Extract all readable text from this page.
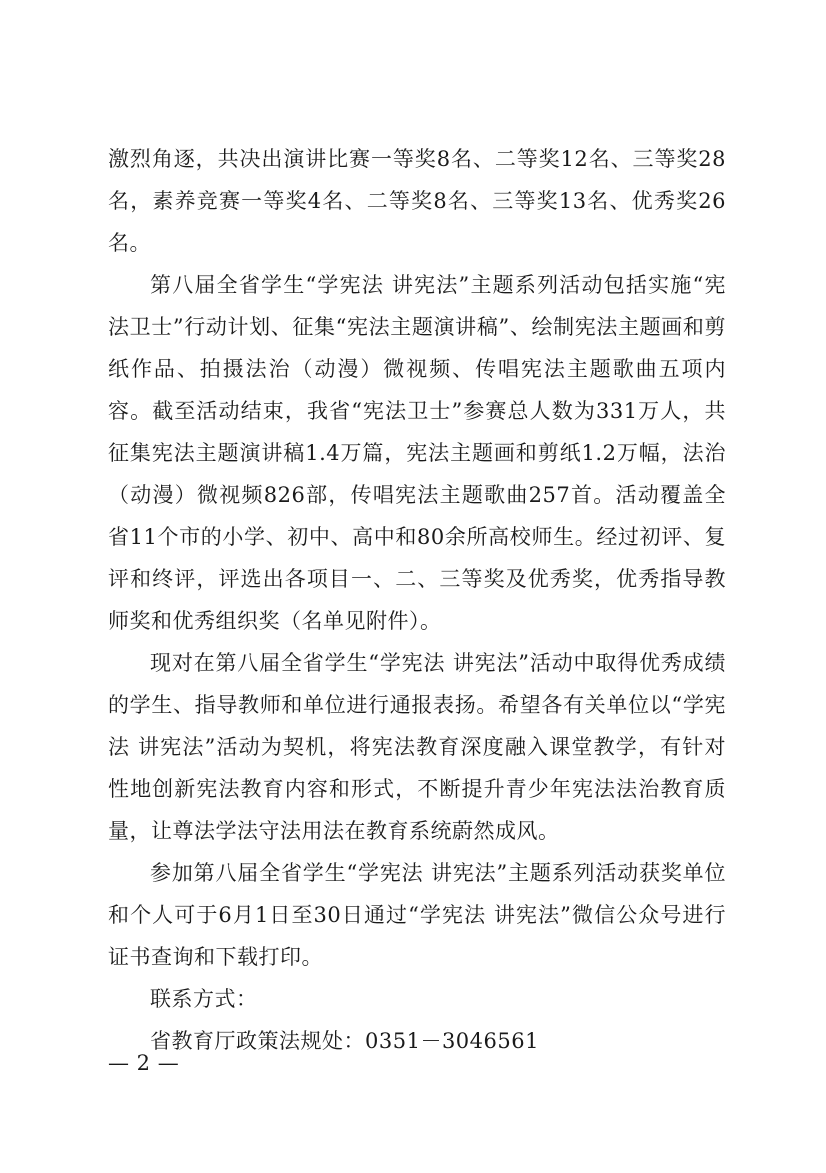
激烈角逐，共决出演讲比赛一等奖8名、二等奖12名、三等奖28名，素养竞赛一等奖4名、二等奖8名、三等奖13名、优秀奖26名。

第八届全省学生“学宪法 讲宪法”主题系列活动包括实施“宪法卫士”行动计划、征集“宪法主题演讲稿”、绘制宪法主题画和剪纸作品、拍摄法治（动漫）微视频、传唱宪法主题歌曲五项内容。截至活动结束，我省“宪法卫士”参赛总人数为331万人，共征集宪法主题演讲稿1.4万篇，宪法主题画和剪纸1.2万幅，法治（动漫）微视频826部，传唱宪法主题歌曲257首。活动覆盖全省11个市的小学、初中、高中和80余所高校师生。经过初评、复评和终评，评选出各项目一、二、三等奖及优秀奖，优秀指导教师奖和优秀组织奖（名单见附件）。

现对在第八届全省学生“学宪法 讲宪法”活动中取得优秀成绩的学生、指导教师和单位进行通报表扬。希望各有关单位以“学宪法 讲宪法”活动为契机，将宪法教育深度融入课堂教学，有针对性地创新宪法教育内容和形式，不断提升青少年宪法法治教育质量，让尊法学法守法用法在教育系统蔚然成风。

参加第八届全省学生“学宪法 讲宪法”主题系列活动获奖单位和个人可于6月1日至30日通过“学宪法 讲宪法”微信公众号进行证书查询和下载打印。

联系方式：

省教育厅政策法规处：0351－3046561

— 2 —
